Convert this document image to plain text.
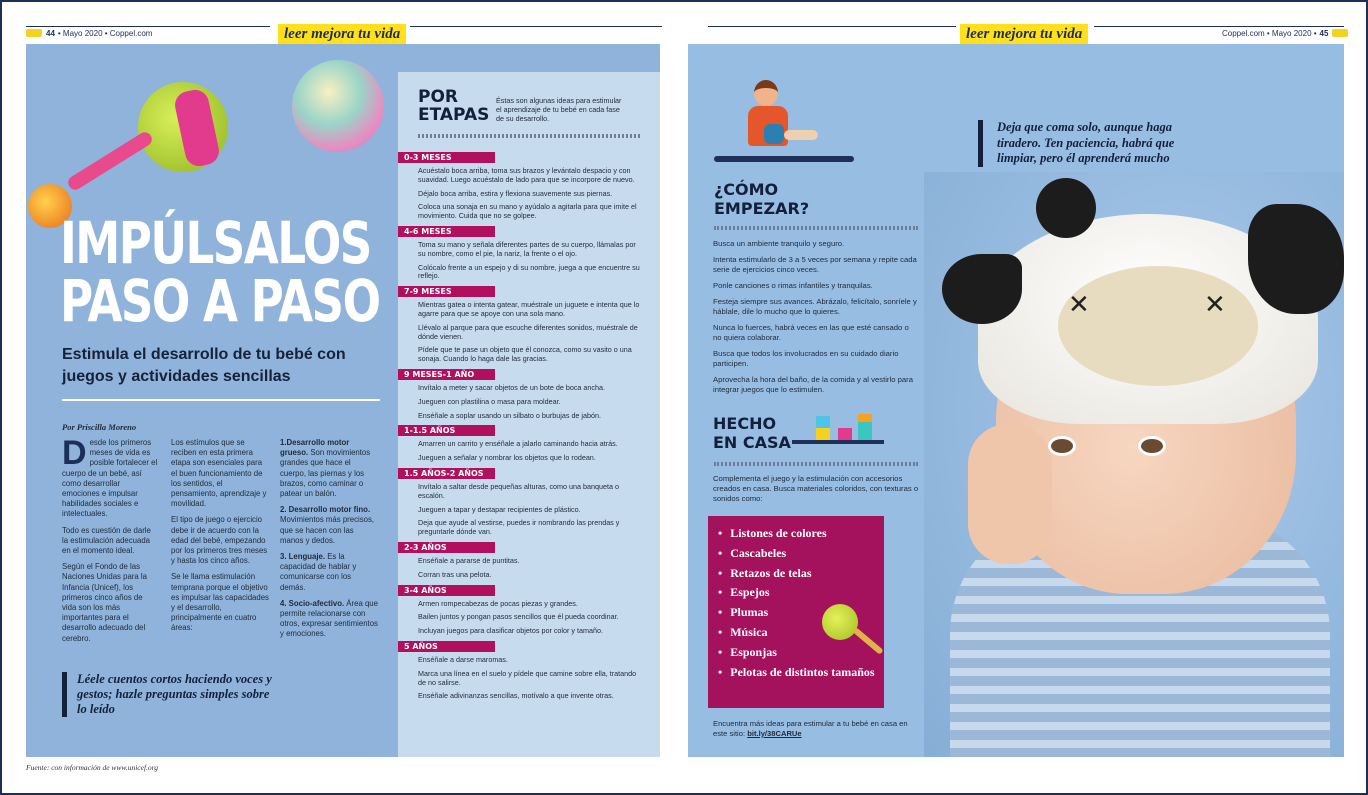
44 • Mayo 2020 • Coppel.com	leer mejora tu vida	leer mejora tu vida	Coppel.com • Mayo 2020 • 45
IMPÚLSALOS
PASO A PASO
Estimula el desarrollo de tu bebé con juegos y actividades sencillas
Por Priscilla Moreno

Desde los primeros meses de vida es posible fortalecer el cuerpo de un bebé, así como desarrollar emociones e impulsar habilidades sociales e intelectuales.

Todo es cuestión de darle la estimulación adecuada en el momento ideal.

Según el Fondo de las Naciones Unidas para la Infancia (Unicef), los primeros cinco años de vida son los más importantes para el desarrollo adecuado del cerebro.

Los estímulos que se reciben en esta primera etapa son esenciales para el buen funcionamiento de los sentidos, el pensamiento, aprendizaje y movilidad.

El tipo de juego o ejercicio debe ir de acuerdo con la edad del bebé, empezando por los primeros tres meses y hasta los cinco años.

Se le llama estimulación temprana porque el objetivo es impulsar las capacidades y el desarrollo, principalmente en cuatro áreas:

1.Desarrollo motor grueso. Son movimientos grandes que hace el cuerpo, las piernas y los brazos, como caminar o patear un balón.

2. Desarrollo motor fino. Movimientos más precisos, que se hacen con las manos y dedos.

3. Lenguaje. Es la capacidad de hablar y comunicarse con los demás.

4. Socio-afectivo. Área que permite relacionarse con otros, expresar sentimientos y emociones.

Léele cuentos cortos haciendo voces y gestos; hazle preguntas simples sobre lo leído
POR
ETAPAS
Éstas son algunas ideas para estimular el aprendizaje de tu bebé en cada fase de su desarrollo.
0-3 MESES
Acuéstalo boca arriba, toma sus brazos y levántalo despacio y con suavidad. Luego acuéstalo de lado para que se incorpore de nuevo.
Déjalo boca arriba, estira y flexiona suavemente sus piernas.
Coloca una sonaja en su mano y ayúdalo a agitarla para que imite el movimiento. Cuida que no se golpee.
4-6 MESES
Toma su mano y señala diferentes partes de su cuerpo, llámalas por su nombre, como el pie, la nariz, la frente o el ojo.
Colócalo frente a un espejo y di su nombre, juega a que encuentre su reflejo.
7-9 MESES
Mientras gatea o intenta gatear, muéstrale un juguete e intenta que lo agarre para que se apoye con una sola mano.
Llévalo al parque para que escuche diferentes sonidos, muéstrale de dónde vienen.
Pídele que te pase un objeto que él conozca, como su vasito o una sonaja. Cuando lo haga dale las gracias.
9 MESES-1 AÑO
Invítalo a meter y sacar objetos de un bote de boca ancha.
Jueguen con plastilina o masa para moldear.
Enséñale a soplar usando un silbato o burbujas de jabón.
1-1.5 AÑOS
Amarren un carrito y enséñale a jalarlo caminando hacia atrás.
Jueguen a señalar y nombrar los objetos que lo rodean.
1.5 AÑOS-2 AÑOS
Invítalo a saltar desde pequeñas alturas, como una banqueta o escalón.
Jueguen a tapar y destapar recipientes de plástico.
Deja que ayude al vestirse, puedes ir nombrando las prendas y preguntarle dónde van.
2-3 AÑOS
Enséñale a pararse de puntitas.
Corran tras una pelota.
3-4 AÑOS
Armen rompecabezas de pocas piezas y grandes.
Bailen juntos y pongan pasos sencillos que él pueda coordinar.
Incluyan juegos para clasificar objetos por color y tamaño.
5 AÑOS
Enséñale a darse maromas.
Marca una línea en el suelo y pídele que camine sobre ella, tratando de no salirse.
Enséñale adivinanzas sencillas, motívalo a que invente otras.
¿CÓMO
EMPEZAR?

Busca un ambiente tranquilo y seguro.

Intenta estimularlo de 3 a 5 veces por semana y repite cada serie de ejercicios cinco veces.

Ponle canciones o rimas infantiles y tranquilas.

Festeja siempre sus avances. Abrázalo, felicítalo, sonríele y háblale, dile lo mucho que lo quieres.

Nunca lo fuerces, habrá veces en las que esté cansado o no quiera colaborar.

Busca que todos los involucrados en su cuidado diario participen.

Aprovecha la hora del baño, de la comida y al vestirlo para integrar juegos que lo estimulen.

HECHO
EN CASA
Complementa el juego y la estimulación con accesorios creados en casa. Busca materiales coloridos, con texturas o sonidos como:
• Listones de colores
• Cascabeles
• Retazos de telas
• Espejos
• Plumas
• Música
• Esponjas
• Pelotas de distintos tamaños
Encuentra más ideas para estimular a tu bebé en casa en este sitio: bit.ly/38CARUe
✕	✕
Deja que coma solo, aunque haga tiradero. Ten paciencia, habrá que limpiar, pero él aprenderá mucho
Fuente: con información de www.unicef.org
